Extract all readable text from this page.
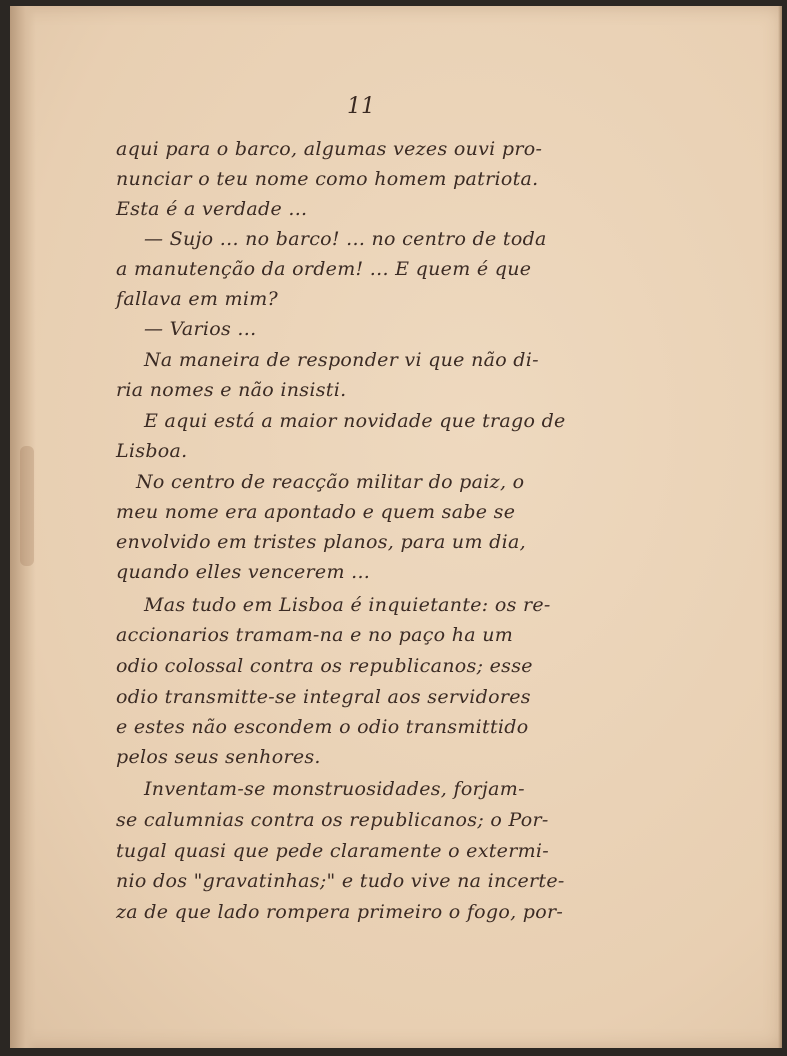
11
aqui para o barco, algumas vezes ouvi pro-
nunciar o teu nome como homem patriota.
Esta é a verdade ...
— Sujo ... no barco! ... no centro de toda
a manutenção da ordem! ... E quem é que
fallava em mim?
— Varios ...
Na maneira de responder vi que não di-
ria nomes e não insisti.
E aqui está a maior novidade que trago de
Lisboa.
No centro de reacção militar do paiz, o
meu nome era apontado e quem sabe se
envolvido em tristes planos, para um dia,
quando elles vencerem ...
Mas tudo em Lisboa é inquietante: os re-
accionarios tramam-na e no paço ha um
odio colossal contra os republicanos; esse
odio transmitte-se integral aos servidores
e estes não escondem o odio transmittido
pelos seus senhores.
Inventam-se monstruosidades, forjam-
se calumnias contra os republicanos; o Por-
tugal quasi que pede claramente o extermi-
nio dos "gravatinhas;" e tudo vive na incerte-
za de que lado rompera primeiro o fogo, por-
